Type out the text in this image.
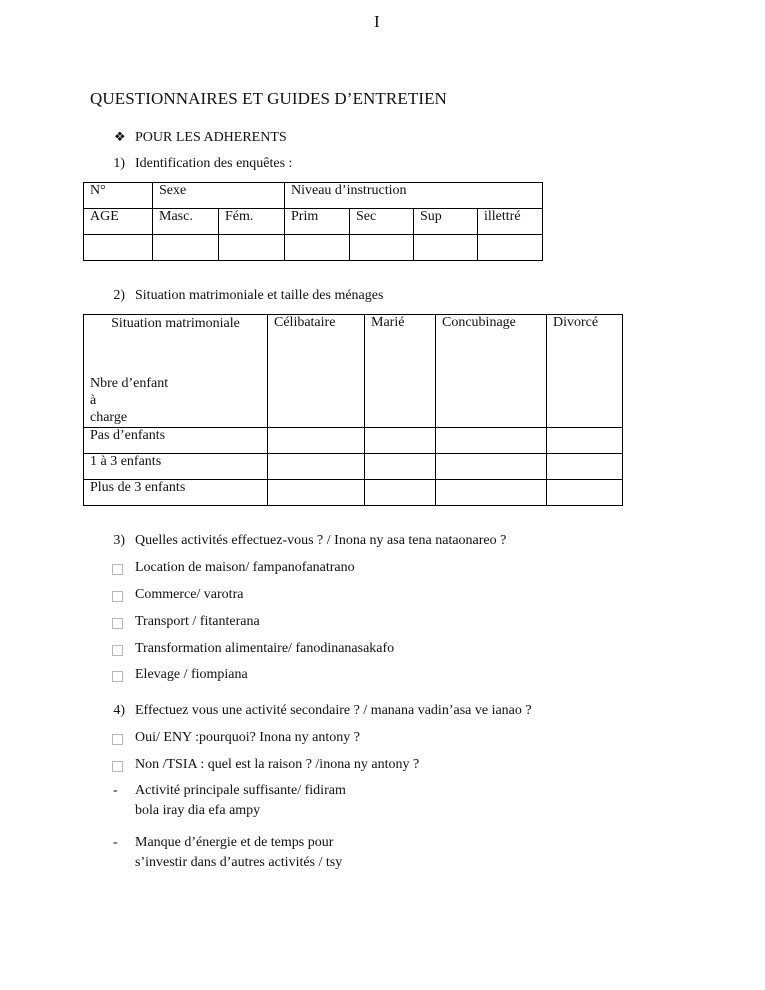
I
QUESTIONNAIRES ET GUIDES D’ENTRETIEN
❖ POUR LES ADHERENTS
1) Identification des enquêtes :
N°	Sexe		Niveau d’instruction			
AGE	Masc.	Fém.	Prim	Sec	Sup	illettré

2) Situation matrimoniale et taille des ménages
Situation matrimoniale
Nbre d’enfant
à
charge	Célibataire	Marié	Concubinage	Divorcé
Pas d’enfants				
1 à 3 enfants				
Plus de 3 enfants				
3) Quelles activités effectuez-vous ? / Inona ny asa tena nataonareo ?
Location de maison/ fampanofanatrano
Commerce/ varotra
Transport / fitanterana
Transformation alimentaire/ fanodinanasakafo
Elevage / fiompiana
4) Effectuez vous une activité secondaire ? / manana vadin’asa ve ianao ?
Oui/ ENY :pourquoi? Inona ny antony ?
Non /TSIA : quel est la raison ? /inona ny antony ?
- Activité principale suffisante/ fidiram
bola iray dia efa ampy
- Manque d’énergie et de temps pour
s’investir dans d’autres activités / tsy
